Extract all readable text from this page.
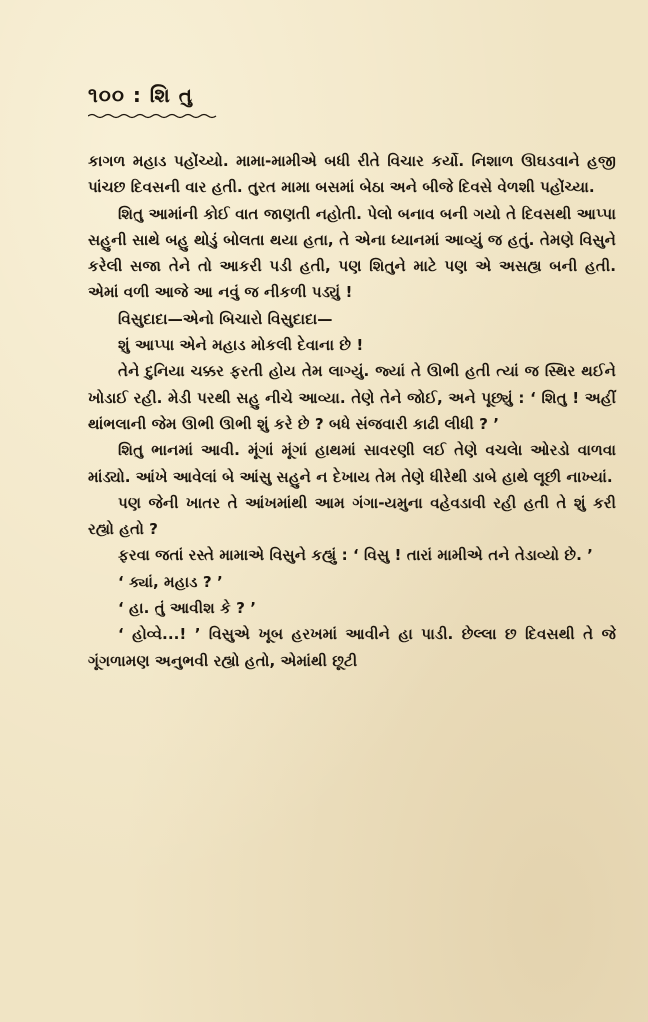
૧૦૦ : શિ તુ

કાગળ મહાડ પહોંચ્યો. મામા-મામીએ બધી રીતે વિચાર કર્યો. નિશાળ ઊઘડવાને હજી પાંચછ દિવસની વાર હતી. તુરત મામા બસમાં બેઠા અને બીજે દિવસે વેળશી પહોંચ્યા.

શિતુ આમાંની કોઈ વાત જાણતી નહોતી. પેલો બનાવ બની ગયો તે દિવસથી આપ્પા સહુની સાથે બહુ થોડું બોલતા થયા હતા, તે એના ધ્યાનમાં આવ્યું જ હતું. તેમણે વિસુને કરેલી સજા તેને તો આકરી પડી હતી, પણ શિતુને માટે પણ એ અસહ્ય બની હતી. એમાં વળી આજે આ નવું જ નીકળી પડ્યું !

વિસુદાદા—એનો બિચારો વિસુદાદા—

શું આપ્પા એને મહાડ મોકલી દેવાના છે !

તેને દુનિયા ચક્કર ફરતી હોય તેમ લાગ્યું. જ્યાં તે ઊભી હતી ત્યાં જ સ્થિર થઈને ખોડાઈ રહી. મેડી પરથી સહુ નીચે આવ્યા. તેણે તેને જોઈ, અને પૂછ્યું : ‘ શિતુ ! અહીં થાંભલાની જેમ ઊભી ઊભી શું કરે છે ? બધે સંજવારી કાઢી લીધી ? ’

શિતુ ભાનમાં આવી. મૂંગાં મૂંગાં હાથમાં સાવરણી લઈ તેણે વચલેા ઓરડો વાળવા માંડ્યો. આંખે આવેલાં બે આંસુ સહુને ન દેખાય તેમ તેણે ધીરેથી ડાબે હાથે લૂછી નાખ્યાં.

પણ જેની ખાતર તે આંખમાંથી આમ ગંગા-યમુના વહેવડાવી રહી હતી તે શું કરી રહ્યો હતો ?

ફરવા જતાં રસ્તે મામાએ વિસુને કહ્યું : ‘ વિસુ ! તારાં મામીએ તને તેડાવ્યો છે. ’

‘ ક્યાં, મહાડ ? ’

‘ હા. તું આવીશ કે ? ’

‘ હોવ્વે...! ’ વિસુએ ખૂબ હરખમાં આવીને હા પાડી. છેલ્લા છ દિવસથી તે જે ગૂંગળામણ અનુભવી રહ્યો હતો, એમાંથી છૂટી
